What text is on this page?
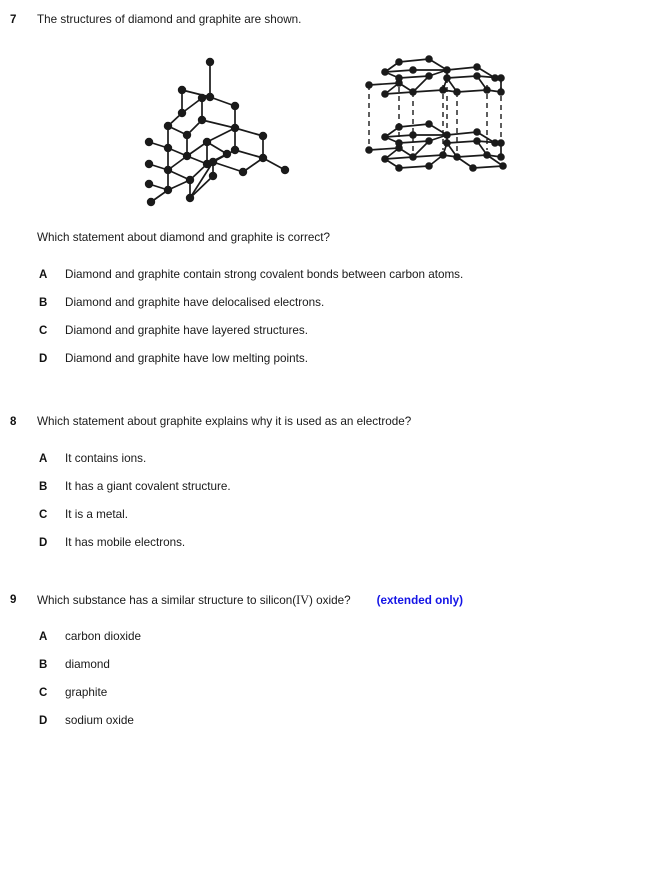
7	The structures of diamond and graphite are shown.
Which statement about diamond and graphite is correct?
A Diamond and graphite contain strong covalent bonds between carbon atoms.
B Diamond and graphite have delocalised electrons.
C Diamond and graphite have layered structures.
D Diamond and graphite have low melting points.
8	Which statement about graphite explains why it is used as an electrode?
A It contains ions.
B It has a giant covalent structure.
C It is a metal.
D It has mobile electrons.
9	Which substance has a similar structure to silicon(IV) oxide? (extended only)
A carbon dioxide
B diamond
C graphite
D sodium oxide
